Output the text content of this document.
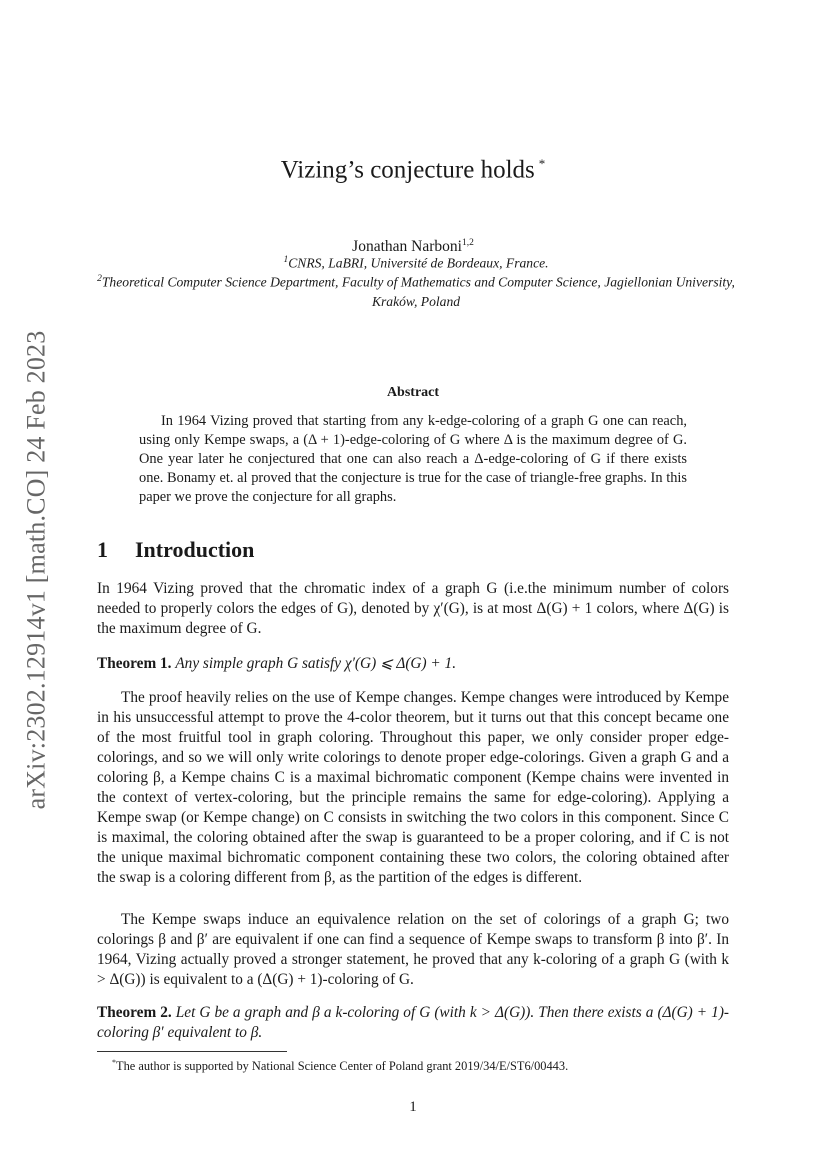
arXiv:2302.12914v1 [math.CO] 24 Feb 2023
Vizing’s conjecture holds *
Jonathan Narboni$^{1,2}$
$^1$CNRS, LaBRI, Université de Bordeaux, France.
$^2$Theoretical Computer Science Department, Faculty of Mathematics and Computer Science, Jagiellonian University, Kraków, Poland
Abstract
In 1964 Vizing proved that starting from any k-edge-coloring of a graph G one can reach, using only Kempe swaps, a (Δ + 1)-edge-coloring of G where Δ is the maximum degree of G. One year later he conjectured that one can also reach a Δ-edge-coloring of G if there exists one. Bonamy et. al proved that the conjecture is true for the case of triangle-free graphs. In this paper we prove the conjecture for all graphs.
1 Introduction
In 1964 Vizing proved that the chromatic index of a graph G (i.e.the minimum number of colors needed to properly colors the edges of G), denoted by χ′(G), is at most Δ(G) + 1 colors, where Δ(G) is the maximum degree of G.
Theorem 1. Any simple graph G satisfy χ′(G) ⩽ Δ(G) + 1.
The proof heavily relies on the use of Kempe changes. Kempe changes were introduced by Kempe in his unsuccessful attempt to prove the 4-color theorem, but it turns out that this concept became one of the most fruitful tool in graph coloring. Throughout this paper, we only consider proper edge-colorings, and so we will only write colorings to denote proper edge-colorings. Given a graph G and a coloring β, a Kempe chains C is a maximal bichromatic component (Kempe chains were invented in the context of vertex-coloring, but the principle remains the same for edge-coloring). Applying a Kempe swap (or Kempe change) on C consists in switching the two colors in this component. Since C is maximal, the coloring obtained after the swap is guaranteed to be a proper coloring, and if C is not the unique maximal bichromatic component containing these two colors, the coloring obtained after the swap is a coloring different from β, as the partition of the edges is different.
The Kempe swaps induce an equivalence relation on the set of colorings of a graph G; two colorings β and β′ are equivalent if one can find a sequence of Kempe swaps to transform β into β′. In 1964, Vizing actually proved a stronger statement, he proved that any k-coloring of a graph G (with k > Δ(G)) is equivalent to a (Δ(G) + 1)-coloring of G.
Theorem 2. Let G be a graph and β a k-coloring of G (with k > Δ(G)). Then there exists a (Δ(G) + 1)-coloring β′ equivalent to β.
*The author is supported by National Science Center of Poland grant 2019/34/E/ST6/00443.
1
